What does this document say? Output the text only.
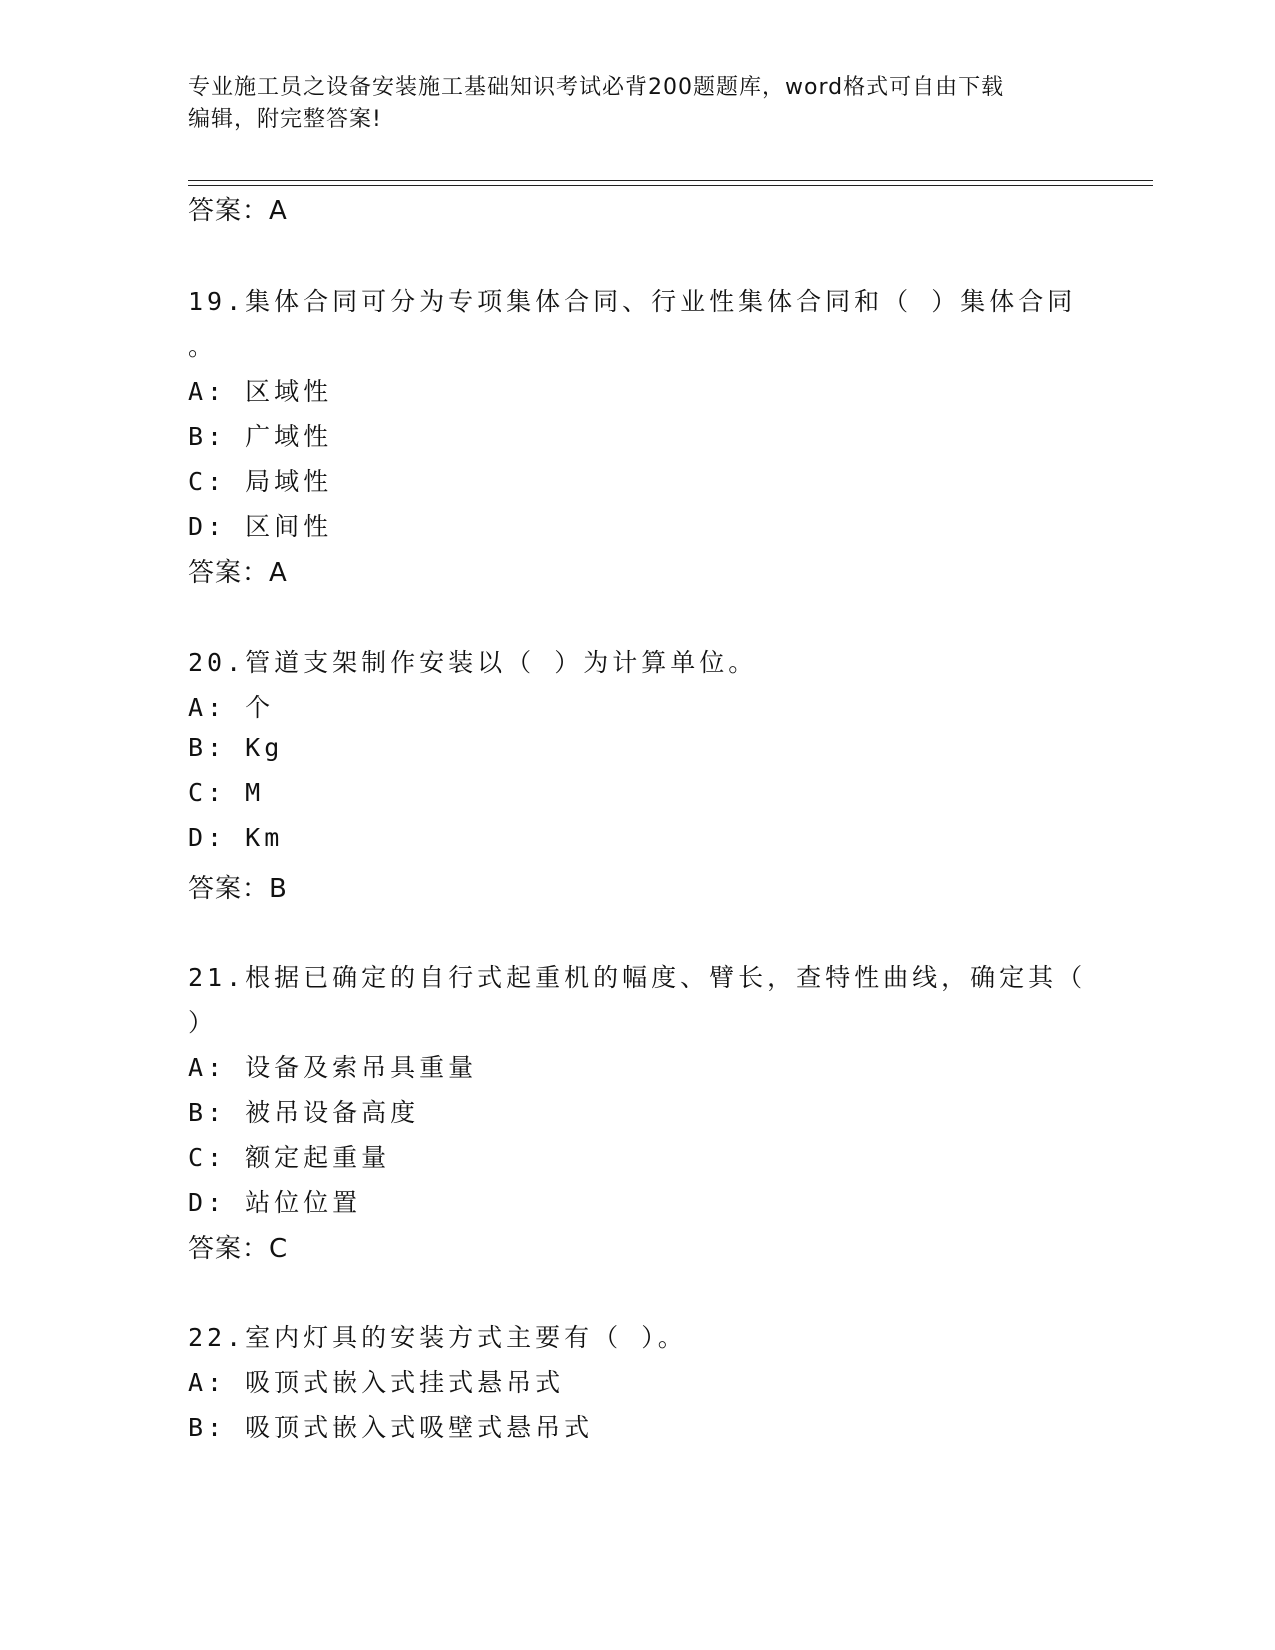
专业施工员之设备安装施工基础知识考试必背200题题库，word格式可自由下载
编辑，附完整答案!
答案：A
19.集体合同可分为专项集体合同、行业性集体合同和（ ）集体合同
。
A: 区域性
B: 广域性
C: 局域性
D: 区间性
答案：A
20.管道支架制作安装以（ ）为计算单位。
A: 个
B: Kg
C: M
D: Km
答案：B
21.根据已确定的自行式起重机的幅度、臂长，查特性曲线，确定其（
）
A: 设备及索吊具重量
B: 被吊设备高度
C: 额定起重量
D: 站位位置
答案：C
22.室内灯具的安装方式主要有（ ）。
A: 吸顶式嵌入式挂式悬吊式
B: 吸顶式嵌入式吸壁式悬吊式
